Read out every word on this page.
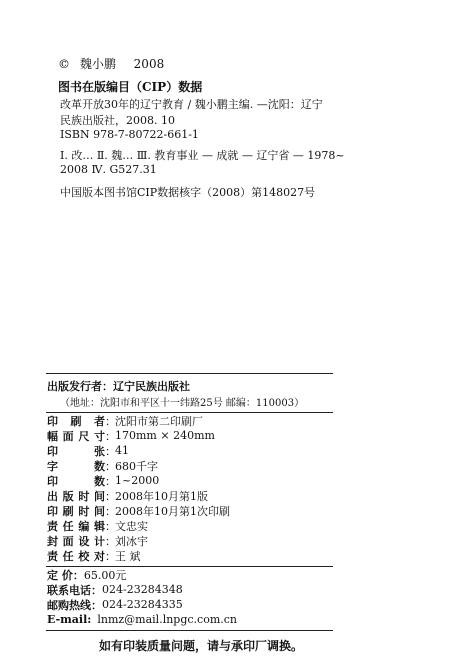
© 魏小鹏 2008
图书在版编目（CIP）数据
改革开放30年的辽宁教育 / 魏小鹏主编. —沈阳：辽宁
民族出版社，2008. 10
ISBN 978-7-80722-661-1
Ⅰ. 改… Ⅱ. 魏… Ⅲ. 教育事业 — 成就 — 辽宁省 — 1978~
2008 Ⅳ. G527.31
中国版本图书馆CIP数据核字（2008）第148027号
出版发行者： 辽宁民族出版社
（地址：沈阳市和平区十一纬路25号 邮编：110003）
印刷者 ： 沈阳市第二印刷厂
幅面尺寸 ： 170mm × 240mm
印张 ： 41
字数 ： 680千字
印数 ： 1~2000
出版时间 ： 2008年10月第1版
印刷时间 ： 2008年10月第1次印刷
责任编辑 ： 文忠实
封面设计 ： 刘冰宇
责任校对 ： 王 斌
定 价： 65.00元
联系电话： 024-23284348
邮购热线： 024-23284335
E-mail: lnmz@mail.lnpgc.com.cn
如有印装质量问题，请与承印厂调换。
